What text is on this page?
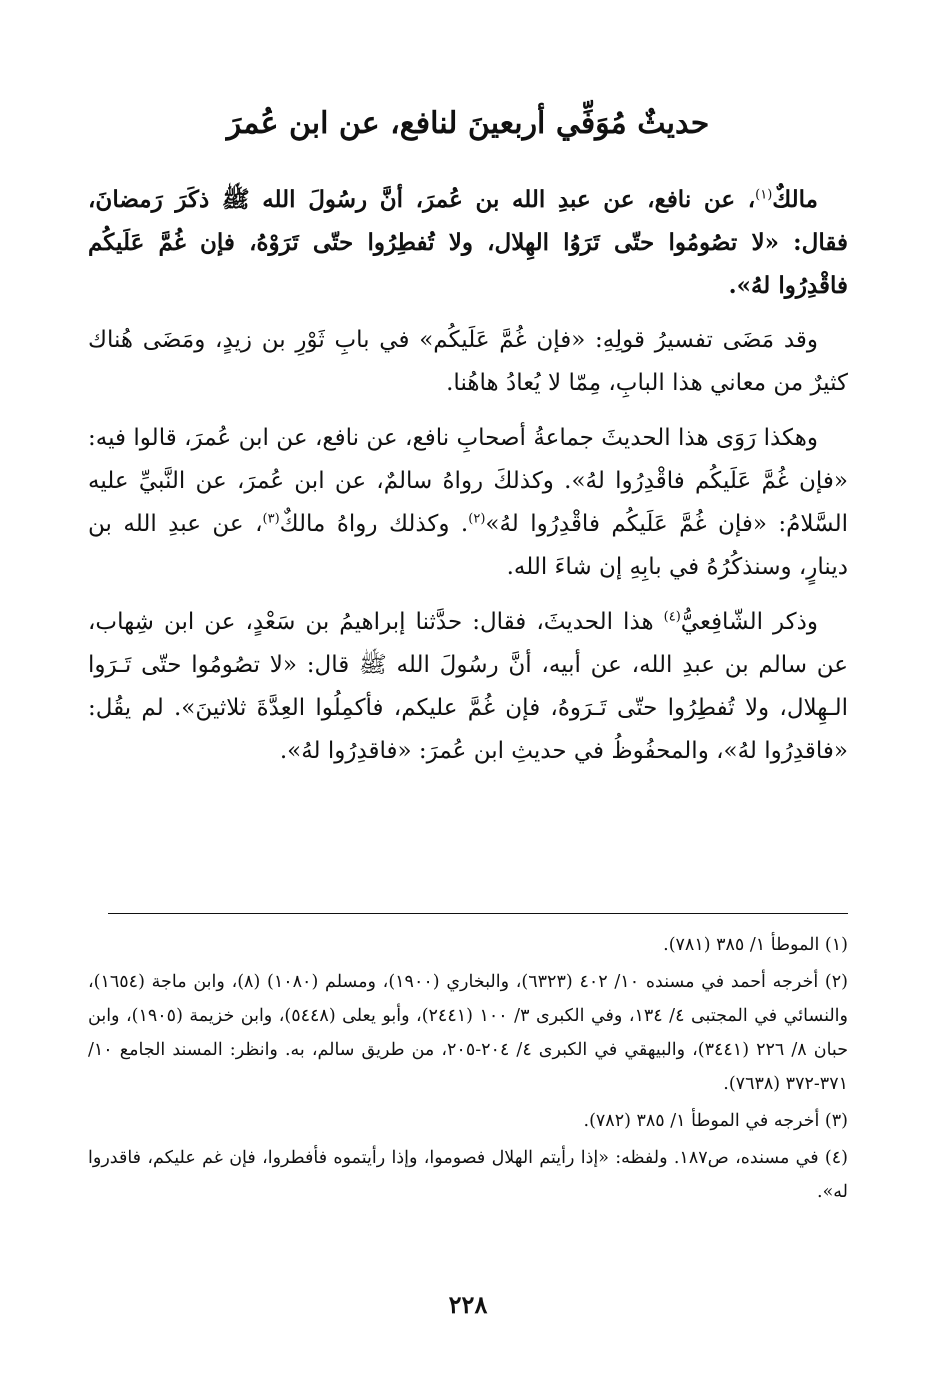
حديثٌ مُوَفِّي أربعينَ لنافع، عن ابن عُمرَ

مالكٌ$^{(١)}$، عن نافع، عن عبدِ الله بن عُمرَ، أنَّ رسُولَ الله ﷺ ذكَرَ رَمضانَ، فقال: «لا تصُومُوا حتّى تَرَوُا الهِلال، ولا تُفطِرُوا حتّى تَرَوْهُ، فإن غُمَّ عَلَيكُم فاقْدِرُوا لهُ».

وقد مَضَى تفسيرُ قولِهِ: «فإن غُمَّ عَلَيكُم» في بابِ ثَوْرِ بن زيدٍ، ومَضَى هُناك كثيرٌ من معاني هذا البابِ، مِمّا لا يُعادُ هاهُنا.

وهكذا رَوَى هذا الحديثَ جماعةُ أصحابِ نافع، عن نافع، عن ابن عُمرَ، قالوا فيه: «فإن غُمَّ عَلَيكُم فاقْدِرُوا لهُ». وكذلكَ رواهُ سالمٌ، عن ابن عُمرَ، عن النَّبيِّ عليه السَّلامُ: «فإن غُمَّ عَلَيكُم فاقْدِرُوا لهُ»$^{(٢)}$. وكذلك رواهُ مالكٌ$^{(٣)}$، عن عبدِ الله بن دينارٍ، وسنذكُرُهُ في بابِهِ إن شاءَ الله.

وذكر الشّافِعيُّ$^{(٤)}$ هذا الحديثَ، فقال: حدَّثنا إبراهيمُ بن سَعْدٍ، عن ابن شِهاب، عن سالم بن عبدِ الله، عن أبيه، أنَّ رسُولَ الله ﷺ قال: «لا تصُومُوا حتّى تَـرَوا الـهِلال، ولا تُفطِرُوا حتّى تَـرَوهُ، فإن غُمَّ عليكم، فأكمِلُوا العِدَّةَ ثلاثينَ». لم يقُل: «فاقدِرُوا لهُ»، والمحفُوظُ في حديثِ ابن عُمرَ: «فاقدِرُوا لهُ».

(١) الموطأ ١/ ٣٨٥ (٧٨١).

(٢) أخرجه أحمد في مسنده ١٠/ ٤٠٢ (٦٣٢٣)، والبخاري (١٩٠٠)، ومسلم (١٠٨٠) (٨)، وابن ماجة (١٦٥٤)، والنسائي في المجتبى ٤/ ١٣٤، وفي الكبرى ٣/ ١٠٠ (٢٤٤١)، وأبو يعلى (٥٤٤٨)، وابن خزيمة (١٩٠٥)، وابن حبان ٨/ ٢٢٦ (٣٤٤١)، والبيهقي في الكبرى ٤/ ٢٠٤-٢٠٥، من طريق سالم، به. وانظر: المسند الجامع ١٠/ ٣٧١-٣٧٢ (٧٦٣٨).

(٣) أخرجه في الموطأ ١/ ٣٨٥ (٧٨٢).

(٤) في مسنده، ص١٨٧. ولفظه: «إذا رأيتم الهلال فصوموا، وإذا رأيتموه فأفطروا، فإن غم عليكم، فاقدروا له».

٢٢٨
